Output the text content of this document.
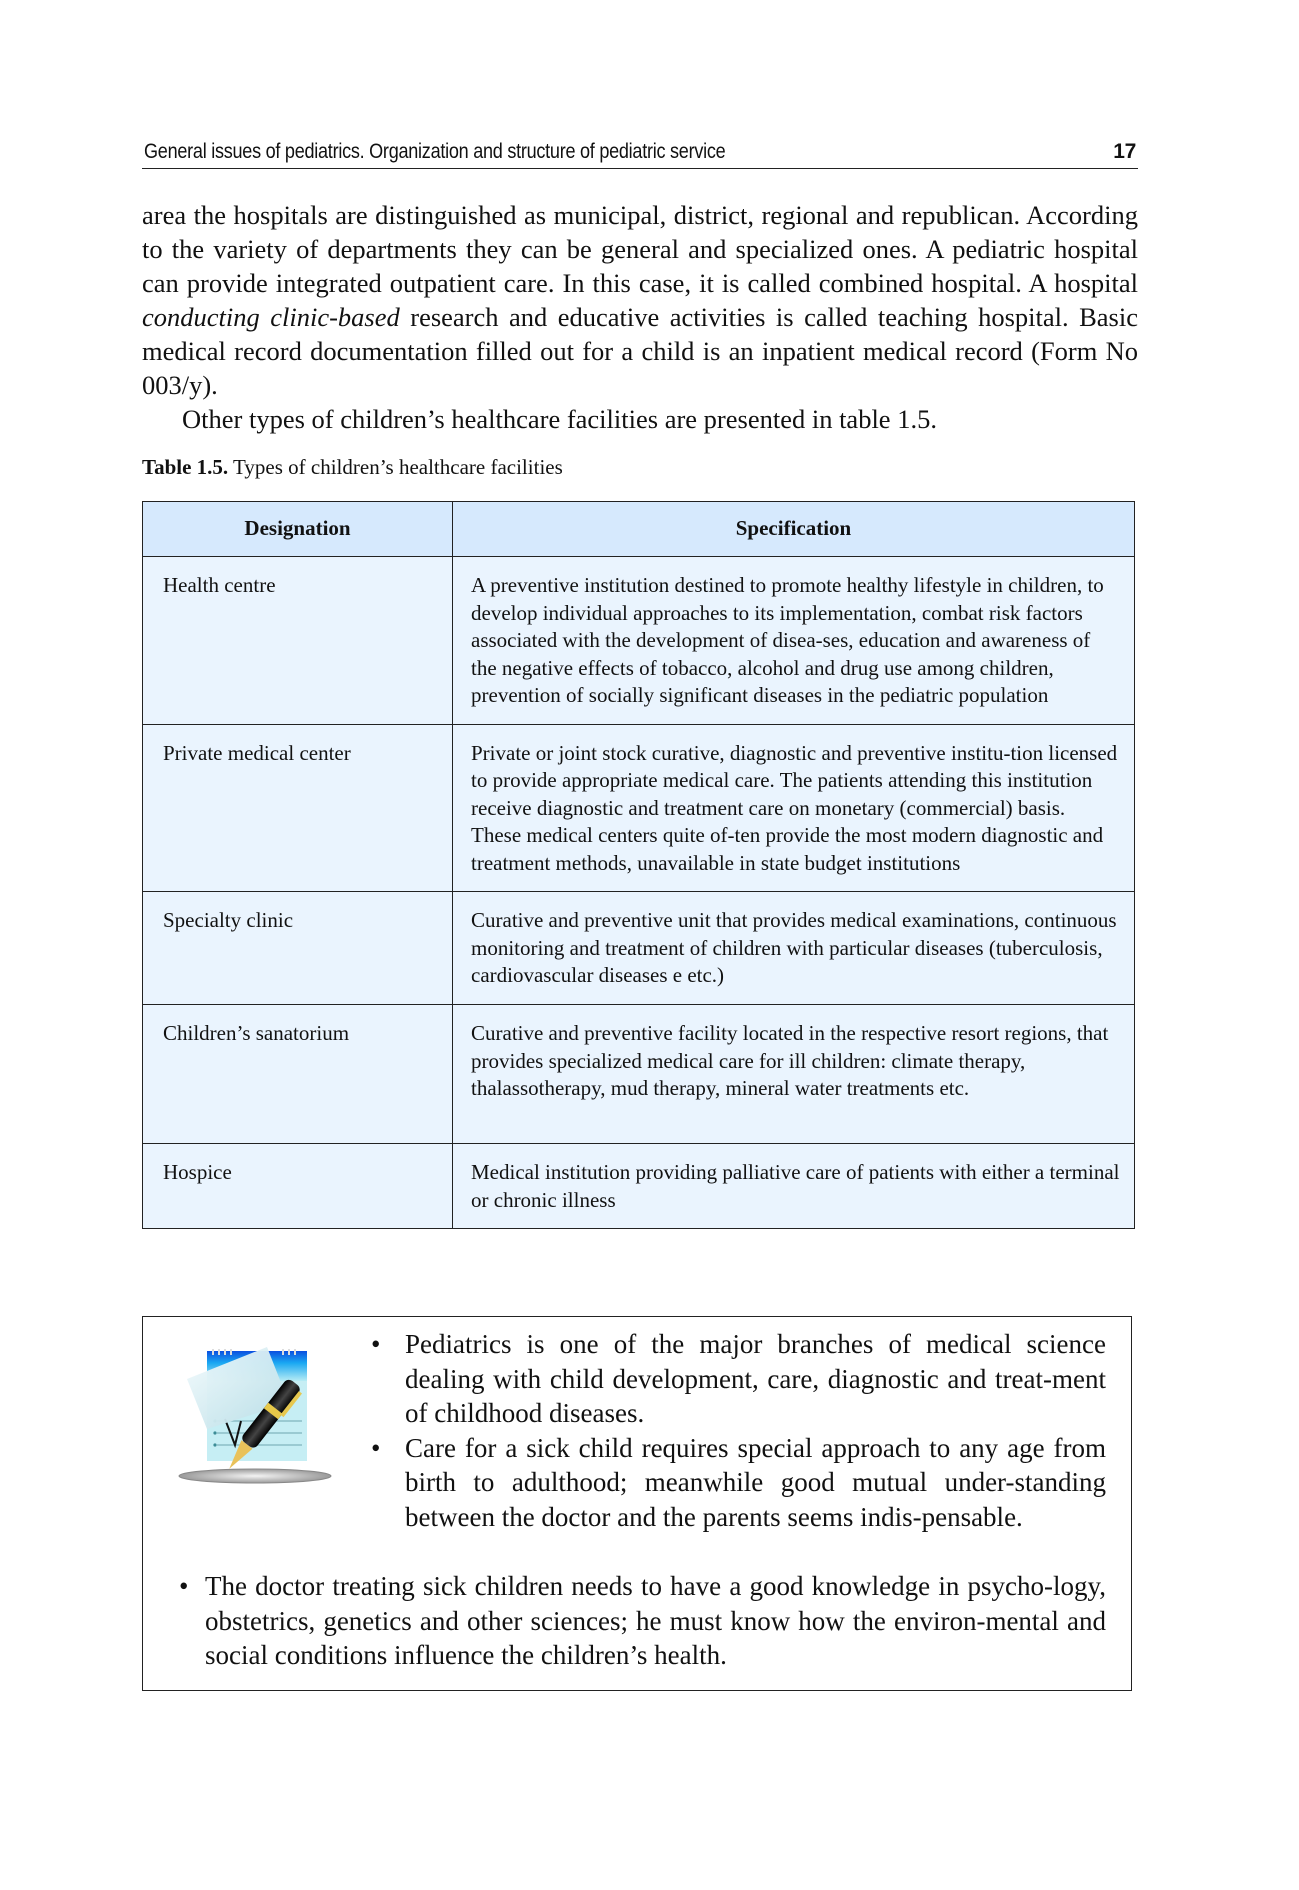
General issues of pediatrics. Organization and structure of pediatric service	17

area the hospitals are distinguished as municipal, district, regional and republican. According to the variety of departments they can be general and specialized ones. A pediatric hospital can provide integrated outpatient care. In this case, it is called combined hospital. A hospital conducting clinic-based research and educative activities is called teaching hospital. Basic medical record documentation filled out for a child is an inpatient medical record (Form No 003/y).

Other types of children’s healthcare facilities are presented in table 1.5.

Table 1.5. Types of children’s healthcare facilities
Designation	Specification
Health centre	A preventive institution destined to promote healthy lifestyle in children, to develop individual approaches to its implementation, combat risk factors associated with the development of disea-ses, education and awareness of the negative effects of tobacco, alcohol and drug use among children, prevention of socially significant diseases in the pediatric population
Private medical center	Private or joint stock curative, diagnostic and preventive institu-tion licensed to provide appropriate medical care. The patients attending this institution receive diagnostic and treatment care on monetary (commercial) basis. These medical centers quite of-ten provide the most modern diagnostic and treatment methods, unavailable in state budget institutions
Specialty clinic	Curative and preventive unit that provides medical examinations, continuous monitoring and treatment of children with particular diseases (tuberculosis, cardiovascular diseases e etc.)
Children’s sanatorium	Curative and preventive facility located in the respective resort regions, that provides specialized medical care for ill children: climate therapy, thalassotherapy, mud therapy, mineral water treatments etc.
Hospice	Medical institution providing palliative care of patients with either a terminal or chronic illness
• Pediatrics is one of the major branches of medical science dealing with child development, care, diagnostic and treat-ment of childhood diseases.
• Care for a sick child requires special approach to any age from birth to adulthood; meanwhile good mutual under-standing between the doctor and the parents seems indis-pensable.
• The doctor treating sick children needs to have a good knowledge in psycho-logy, obstetrics, genetics and other sciences; he must know how the environ-mental and social conditions influence the children’s health.
